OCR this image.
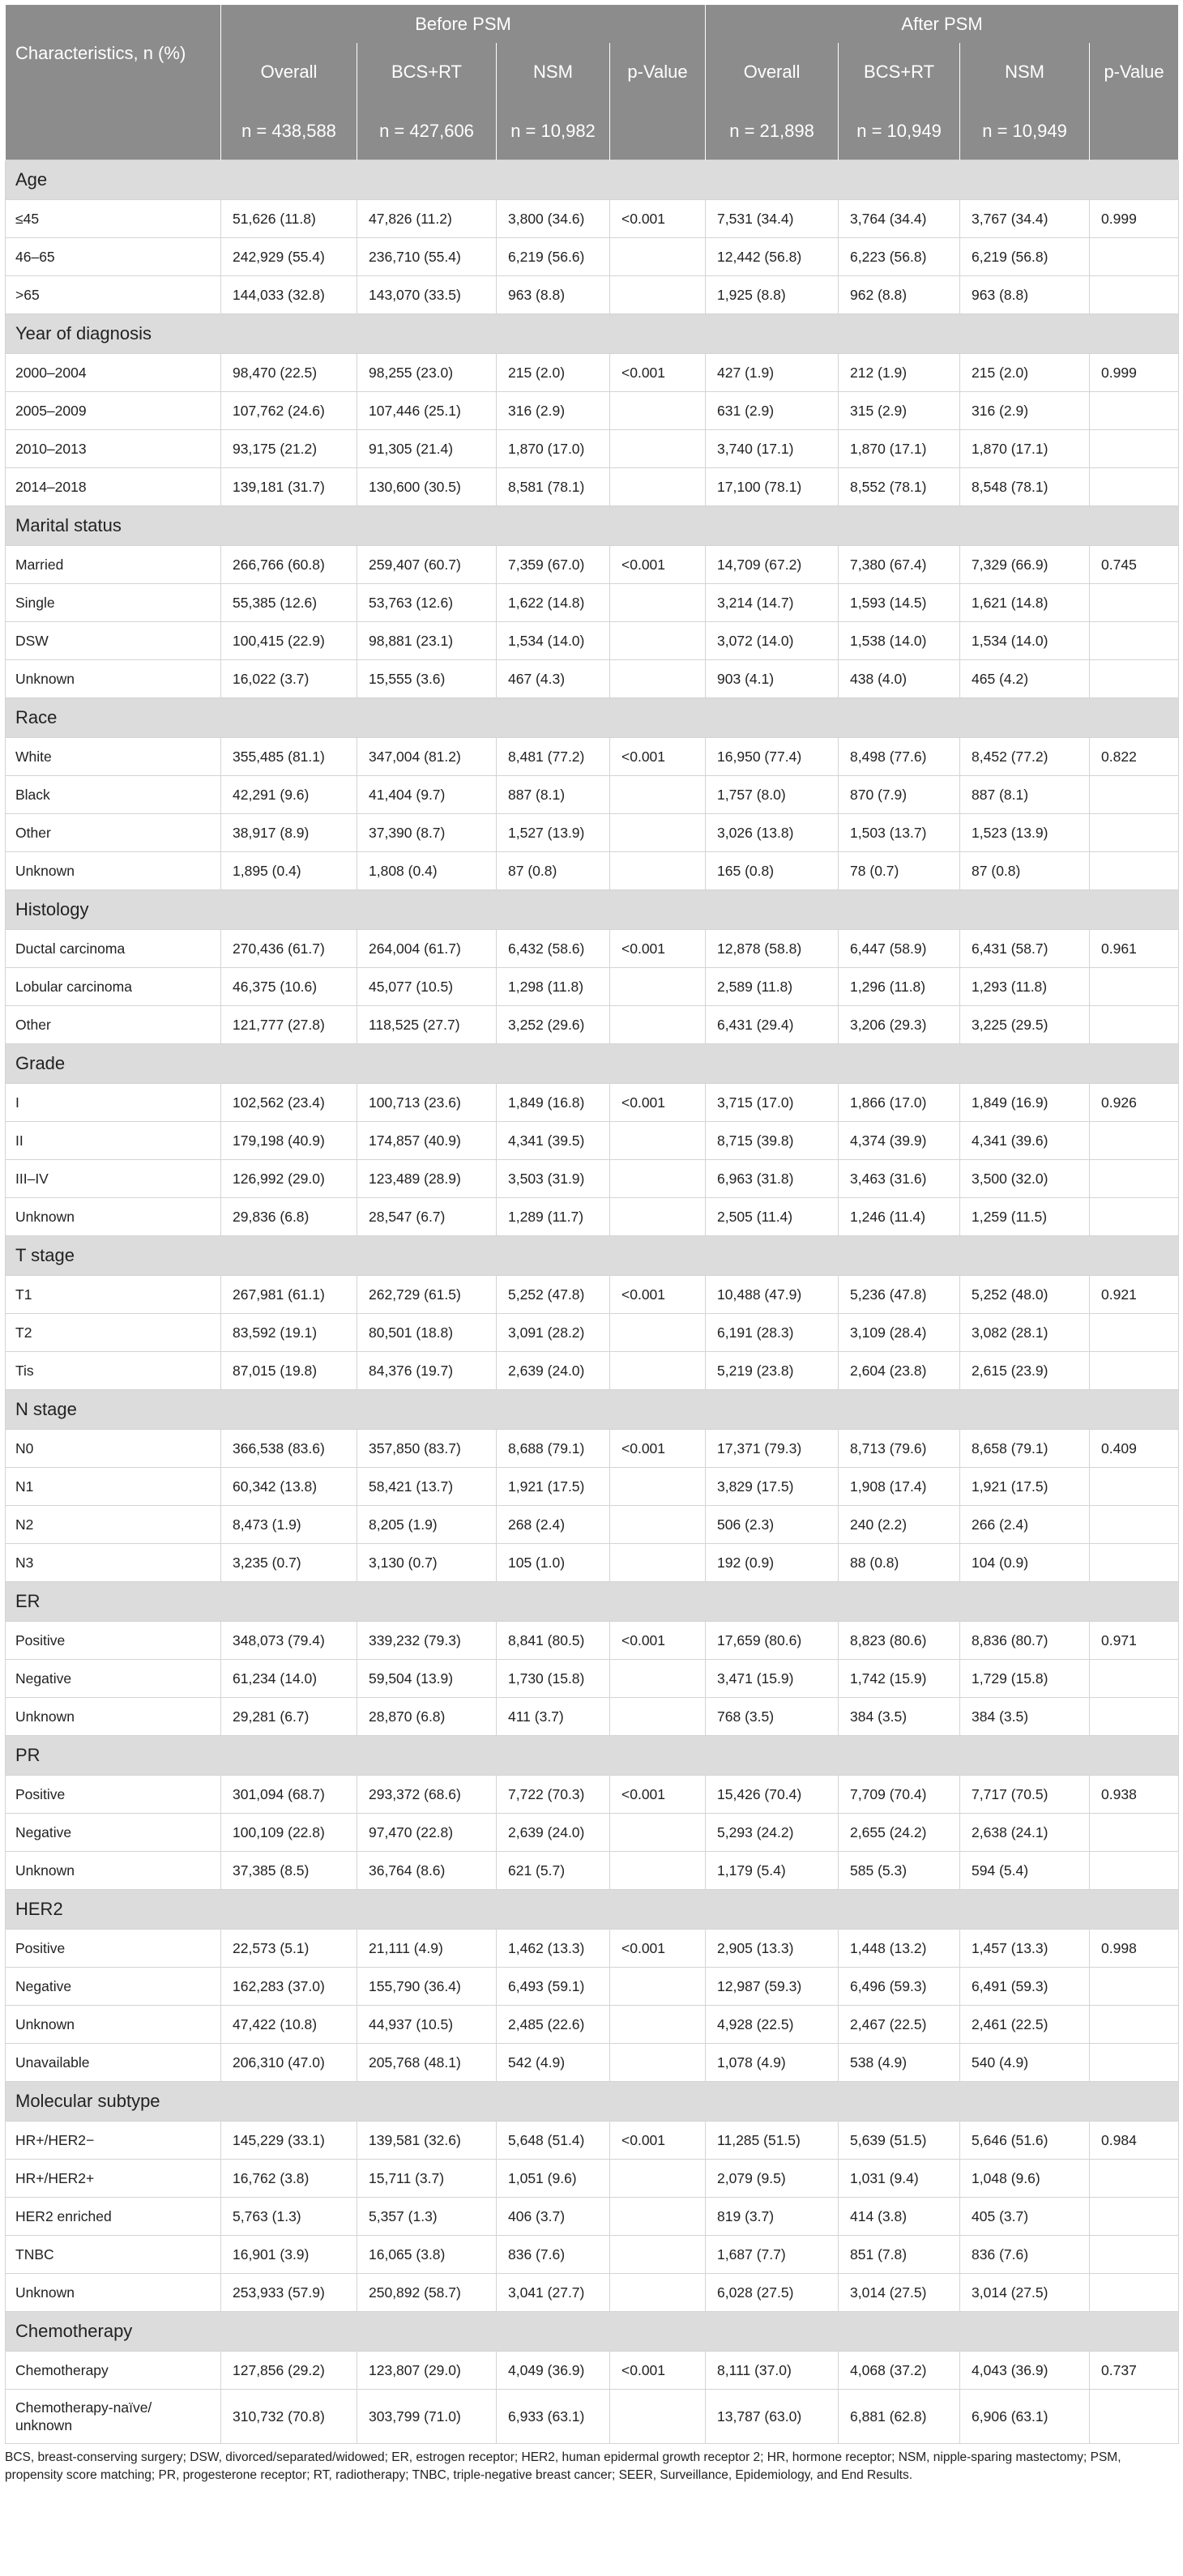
Characteristics, n (%)	Before PSM				After PSM			
	Overall	BCS+RT	NSM	p-Value	Overall	BCS+RT	NSM	p-Value
	n = 438,588	n = 427,606	n = 10,982		n = 21,898	n = 10,949	n = 10,949	
Age								
≤45	51,626 (11.8)	47,826 (11.2)	3,800 (34.6)	<0.001	7,531 (34.4)	3,764 (34.4)	3,767 (34.4)	0.999
46–65	242,929 (55.4)	236,710 (55.4)	6,219 (56.6)		12,442 (56.8)	6,223 (56.8)	6,219 (56.8)	
>65	144,033 (32.8)	143,070 (33.5)	963 (8.8)		1,925 (8.8)	962 (8.8)	963 (8.8)	
Year of diagnosis								
2000–2004	98,470 (22.5)	98,255 (23.0)	215 (2.0)	<0.001	427 (1.9)	212 (1.9)	215 (2.0)	0.999
2005–2009	107,762 (24.6)	107,446 (25.1)	316 (2.9)		631 (2.9)	315 (2.9)	316 (2.9)	
2010–2013	93,175 (21.2)	91,305 (21.4)	1,870 (17.0)		3,740 (17.1)	1,870 (17.1)	1,870 (17.1)	
2014–2018	139,181 (31.7)	130,600 (30.5)	8,581 (78.1)		17,100 (78.1)	8,552 (78.1)	8,548 (78.1)	
Marital status								
Married	266,766 (60.8)	259,407 (60.7)	7,359 (67.0)	<0.001	14,709 (67.2)	7,380 (67.4)	7,329 (66.9)	0.745
Single	55,385 (12.6)	53,763 (12.6)	1,622 (14.8)		3,214 (14.7)	1,593 (14.5)	1,621 (14.8)	
DSW	100,415 (22.9)	98,881 (23.1)	1,534 (14.0)		3,072 (14.0)	1,538 (14.0)	1,534 (14.0)	
Unknown	16,022 (3.7)	15,555 (3.6)	467 (4.3)		903 (4.1)	438 (4.0)	465 (4.2)	
Race								
White	355,485 (81.1)	347,004 (81.2)	8,481 (77.2)	<0.001	16,950 (77.4)	8,498 (77.6)	8,452 (77.2)	0.822
Black	42,291 (9.6)	41,404 (9.7)	887 (8.1)		1,757 (8.0)	870 (7.9)	887 (8.1)	
Other	38,917 (8.9)	37,390 (8.7)	1,527 (13.9)		3,026 (13.8)	1,503 (13.7)	1,523 (13.9)	
Unknown	1,895 (0.4)	1,808 (0.4)	87 (0.8)		165 (0.8)	78 (0.7)	87 (0.8)	
Histology								
Ductal carcinoma	270,436 (61.7)	264,004 (61.7)	6,432 (58.6)	<0.001	12,878 (58.8)	6,447 (58.9)	6,431 (58.7)	0.961
Lobular carcinoma	46,375 (10.6)	45,077 (10.5)	1,298 (11.8)		2,589 (11.8)	1,296 (11.8)	1,293 (11.8)	
Other	121,777 (27.8)	118,525 (27.7)	3,252 (29.6)		6,431 (29.4)	3,206 (29.3)	3,225 (29.5)	
Grade								
I	102,562 (23.4)	100,713 (23.6)	1,849 (16.8)	<0.001	3,715 (17.0)	1,866 (17.0)	1,849 (16.9)	0.926
II	179,198 (40.9)	174,857 (40.9)	4,341 (39.5)		8,715 (39.8)	4,374 (39.9)	4,341 (39.6)	
III–IV	126,992 (29.0)	123,489 (28.9)	3,503 (31.9)		6,963 (31.8)	3,463 (31.6)	3,500 (32.0)	
Unknown	29,836 (6.8)	28,547 (6.7)	1,289 (11.7)		2,505 (11.4)	1,246 (11.4)	1,259 (11.5)	
T stage								
T1	267,981 (61.1)	262,729 (61.5)	5,252 (47.8)	<0.001	10,488 (47.9)	5,236 (47.8)	5,252 (48.0)	0.921
T2	83,592 (19.1)	80,501 (18.8)	3,091 (28.2)		6,191 (28.3)	3,109 (28.4)	3,082 (28.1)	
Tis	87,015 (19.8)	84,376 (19.7)	2,639 (24.0)		5,219 (23.8)	2,604 (23.8)	2,615 (23.9)	
N stage								
N0	366,538 (83.6)	357,850 (83.7)	8,688 (79.1)	<0.001	17,371 (79.3)	8,713 (79.6)	8,658 (79.1)	0.409
N1	60,342 (13.8)	58,421 (13.7)	1,921 (17.5)		3,829 (17.5)	1,908 (17.4)	1,921 (17.5)	
N2	8,473 (1.9)	8,205 (1.9)	268 (2.4)		506 (2.3)	240 (2.2)	266 (2.4)	
N3	3,235 (0.7)	3,130 (0.7)	105 (1.0)		192 (0.9)	88 (0.8)	104 (0.9)	
ER								
Positive	348,073 (79.4)	339,232 (79.3)	8,841 (80.5)	<0.001	17,659 (80.6)	8,823 (80.6)	8,836 (80.7)	0.971
Negative	61,234 (14.0)	59,504 (13.9)	1,730 (15.8)		3,471 (15.9)	1,742 (15.9)	1,729 (15.8)	
Unknown	29,281 (6.7)	28,870 (6.8)	411 (3.7)		768 (3.5)	384 (3.5)	384 (3.5)	
PR								
Positive	301,094 (68.7)	293,372 (68.6)	7,722 (70.3)	<0.001	15,426 (70.4)	7,709 (70.4)	7,717 (70.5)	0.938
Negative	100,109 (22.8)	97,470 (22.8)	2,639 (24.0)		5,293 (24.2)	2,655 (24.2)	2,638 (24.1)	
Unknown	37,385 (8.5)	36,764 (8.6)	621 (5.7)		1,179 (5.4)	585 (5.3)	594 (5.4)	
HER2								
Positive	22,573 (5.1)	21,111 (4.9)	1,462 (13.3)	<0.001	2,905 (13.3)	1,448 (13.2)	1,457 (13.3)	0.998
Negative	162,283 (37.0)	155,790 (36.4)	6,493 (59.1)		12,987 (59.3)	6,496 (59.3)	6,491 (59.3)	
Unknown	47,422 (10.8)	44,937 (10.5)	2,485 (22.6)		4,928 (22.5)	2,467 (22.5)	2,461 (22.5)	
Unavailable	206,310 (47.0)	205,768 (48.1)	542 (4.9)		1,078 (4.9)	538 (4.9)	540 (4.9)	
Molecular subtype								
HR+/HER2−	145,229 (33.1)	139,581 (32.6)	5,648 (51.4)	<0.001	11,285 (51.5)	5,639 (51.5)	5,646 (51.6)	0.984
HR+/HER2+	16,762 (3.8)	15,711 (3.7)	1,051 (9.6)		2,079 (9.5)	1,031 (9.4)	1,048 (9.6)	
HER2 enriched	5,763 (1.3)	5,357 (1.3)	406 (3.7)		819 (3.7)	414 (3.8)	405 (3.7)	
TNBC	16,901 (3.9)	16,065 (3.8)	836 (7.6)		1,687 (7.7)	851 (7.8)	836 (7.6)	
Unknown	253,933 (57.9)	250,892 (58.7)	3,041 (27.7)		6,028 (27.5)	3,014 (27.5)	3,014 (27.5)	
Chemotherapy								
Chemotherapy	127,856 (29.2)	123,807 (29.0)	4,049 (36.9)	<0.001	8,111 (37.0)	4,068 (37.2)	4,043 (36.9)	0.737
Chemotherapy-naïve/ unknown	310,732 (70.8)	303,799 (71.0)	6,933 (63.1)		13,787 (63.0)	6,881 (62.8)	6,906 (63.1)	
BCS, breast-conserving surgery; DSW, divorced/separated/widowed; ER, estrogen receptor; HER2, human epidermal growth receptor 2; HR, hormone receptor; NSM, nipple-sparing mastectomy; PSM, propensity score matching; PR, progesterone receptor; RT, radiotherapy; TNBC, triple-negative breast cancer; SEER, Surveillance, Epidemiology, and End Results.
